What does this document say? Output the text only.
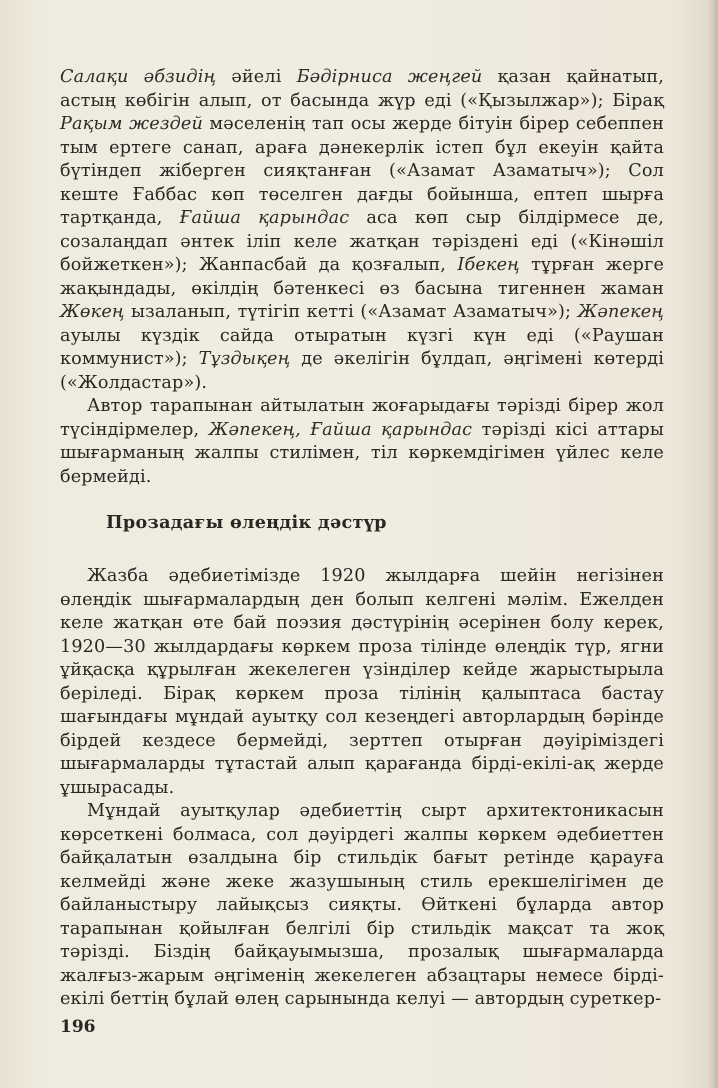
Салақи әбзидің әйелі Бәдірниса жеңгей қазан қайнатып, астың көбігін алып, от басында жүр еді («Қызылжар»); Бірақ Рақым жездей мәселенің тап осы жерде бітуін бірер себеппен тым ертеге санап, араға дәнекерлік істеп бұл екеуін қайта бүтіндеп жіберген сияқтанған («Азамат Азаматыч»); Сол кеште Ғаббас көп төселген дағды бойынша, ептеп шырға тартқанда, Ғайша қарындас аса көп сыр білдірмесе де, созалаңдап әнтек іліп келе жатқан тәріздені еді («Кінәшіл бойжеткен»); Жанпасбай да қозғалып, Ібекең тұрған жерге жақындады, өкілдің бәтенкесі өз басына тигеннен жаман Жөкең ызаланып, түтігіп кетті («Азамат Азаматыч»); Жәпекең ауылы күздік сайда отыратын күзгі күн еді («Раушан коммунист»); Тұздықең де әкелігін бұлдап, әңгімені көтерді («Жолдастар»).

Автор тарапынан айтылатын жоғарыдағы тәрізді бірер жол түсіндірмелер, Жәпекең, Ғайша қарындас тәрізді кісі аттары шығарманың жалпы стилімен, тіл көркемдігімен үйлес келе бермейді.

Прозадағы өлеңдік дәстүр

Жазба әдебиетімізде 1920 жылдарға шейін негізінен өлеңдік шығармалардың ден болып келгені мәлім. Ежелден келе жатқан өте бай поэзия дәстүрінің әсерінен болу керек, 1920—30 жылдардағы көркем проза тілінде өлеңдік түр, ягни ұйқасқа құрылған жекелеген үзінділер кейде жарыстырыла беріледі. Бірақ көркем проза тілінің қалыптаса бастау шағындағы мұндай ауытқу сол кезеңдегі авторлардың бәрінде бірдей кездесе бермейді, зерттеп отырған дәуіріміздегі шығармаларды тұтастай алып қарағанда бірді-екілі-ақ жерде ұшырасады.

Мұндай ауытқулар әдебиеттің сырт архитектоникасын көрсеткені болмаса, сол дәуірдегі жалпы көркем әдебиеттен байқалатын өзалдына бір стильдік бағыт ретінде қарауға келмейді және жеке жазушының стиль ерекшелігімен де байланыстыру лайықсыз сияқты. Өйткені бұларда автор тарапынан қойылған белгілі бір стильдік мақсат та жоқ тәрізді. Біздің байқауымызша, прозалық шығармаларда жалғыз-жарым әңгіменің жекелеген абзацтары немесе бірді-екілі беттің бұлай өлең сарынында келуі — автордың суреткер-

196
